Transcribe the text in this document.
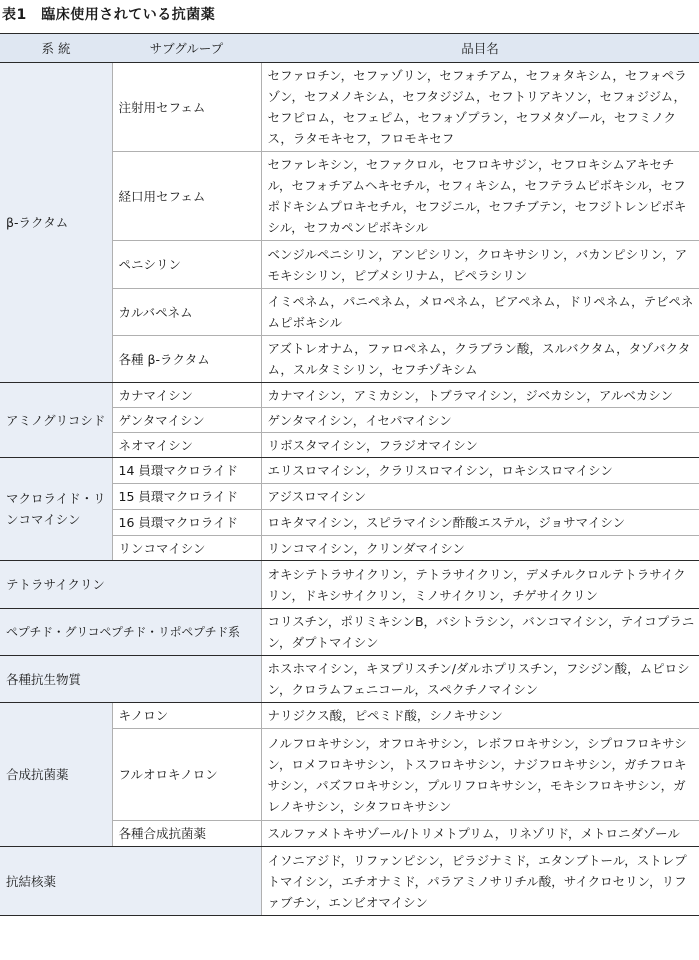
表1　臨床使用されている抗菌薬
系 統	サブグループ	品目名
β-ラクタム	注射用セフェム	セファロチン，セファゾリン，セフォチアム，セフォタキシム，セフォペラゾン，セフメノキシム，セフタジジム，セフトリアキソン，セフォジジム，セフピロム，セフェピム，セフォゾプラン，セフメタゾール，セフミノクス，ラタモキセフ，フロモキセフ
	経口用セフェム	セファレキシン，セファクロル，セフロキサジン，セフロキシムアキセチル，セフォチアムヘキセチル，セフィキシム，セフテラムピボキシル，セフポドキシムプロキセチル，セフジニル，セフチブテン，セフジトレンピボキシル，セフカペンピボキシル
	ペニシリン	ベンジルペニシリン，アンピシリン，クロキサシリン，バカンピシリン，アモキシシリン，ピブメシリナム，ピペラシリン
	カルバペネム	イミペネム，パニペネム，メロペネム，ビアペネム，ドリペネム，テビペネムピボキシル
	各種 β-ラクタム	アズトレオナム，ファロペネム，クラブラン酸，スルバクタム，タゾバクタム，スルタミシリン，セフチゾキシム
アミノグリコシド	カナマイシン	カナマイシン，アミカシン，トブラマイシン，ジベカシン，アルベカシン
	ゲンタマイシン	ゲンタマイシン，イセパマイシン
	ネオマイシン	リボスタマイシン，フラジオマイシン
マクロライド・リンコマイシン	14 員環マクロライド	エリスロマイシン，クラリスロマイシン，ロキシスロマイシン
	15 員環マクロライド	アジスロマイシン
	16 員環マクロライド	ロキタマイシン，スピラマイシン酢酸エステル，ジョサマイシン
	リンコマイシン	リンコマイシン，クリンダマイシン
テトラサイクリン		オキシテトラサイクリン，テトラサイクリン，デメチルクロルテトラサイクリン，ドキシサイクリン，ミノサイクリン，チゲサイクリン
ペプチド・グリコペプチド・リポペプチド系		コリスチン，ポリミキシンB，バシトラシン，バンコマイシン，テイコプラニン，ダプトマイシン
各種抗生物質		ホスホマイシン，キヌプリスチン/ダルホプリスチン，フシジン酸，ムピロシン，クロラムフェニコール，スペクチノマイシン
合成抗菌薬	キノロン	ナリジクス酸，ピペミド酸，シノキサシン
	フルオロキノロン	ノルフロキサシン，オフロキサシン，レボフロキサシン，シプロフロキサシン，ロメフロキサシン，トスフロキサシン，ナジフロキサシン，ガチフロキサシン，パズフロキサシン，プルリフロキサシン，モキシフロキサシン，ガレノキサシン，シタフロキサシン
	各種合成抗菌薬	スルファメトキサゾール/トリメトプリム，リネゾリド，メトロニダゾール
抗結核薬		イソニアジド，リファンピシン，ピラジナミド，エタンブトール，ストレプトマイシン，エチオナミド，パラアミノサリチル酸，サイクロセリン，リファブチン，エンビオマイシン
